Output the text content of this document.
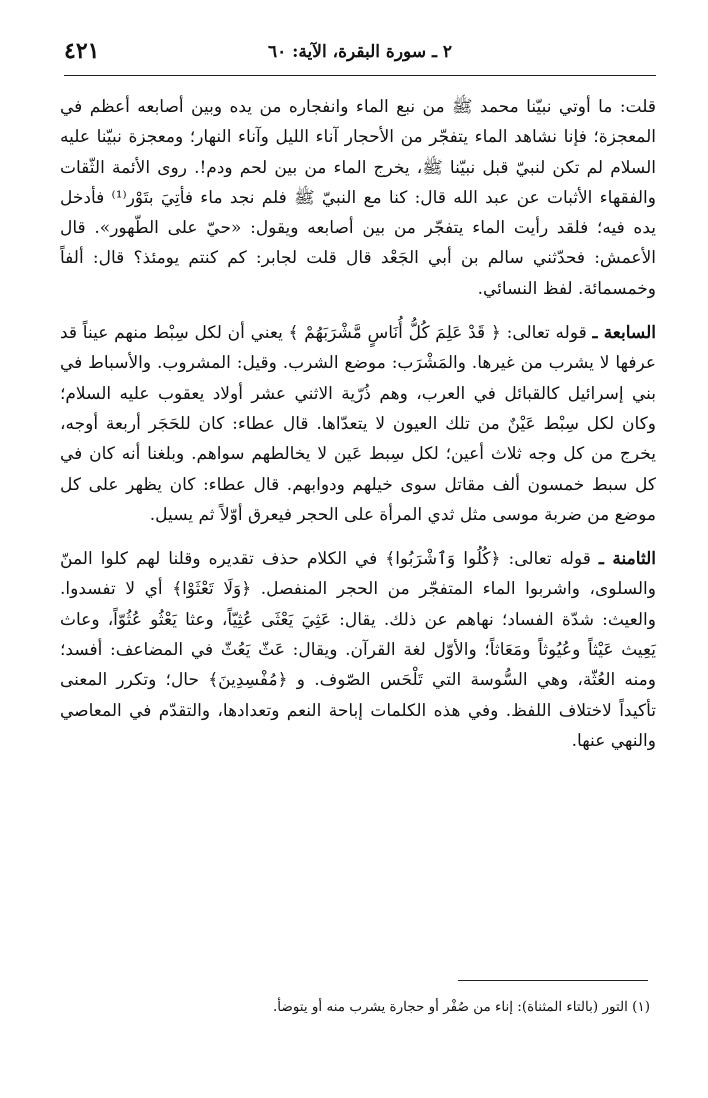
٢ ـ سورة البقرة، الآية: ٦٠
٤٢١

قلت: ما أوتي نبيّنا محمد ﷺ من نبع الماء وانفجاره من يده وبين أصابعه أعظم في المعجزة؛ فإنا نشاهد الماء يتفجّر من الأحجار آناء الليل وآناء النهار؛ ومعجزة نبيّنا عليه السلام لم تكن لنبيّ قبل نبيّنا ﷺ، يخرج الماء من بين لحم ودم!. روى الأئمة الثّقات والفقهاء الأثبات عن عبد الله قال: كنا مع النبيّ ﷺ فلم نجد ماء فأتِيَ بتَوْر⁽¹⁾ فأدخل يده فيه؛ فلقد رأيت الماء يتفجّر من بين أصابعه ويقول: «حيّ على الطّهور». قال الأعمش: فحدّثني سالم بن أبي الجَعْد قال قلت لجابر: كم كنتم يومئذ؟ قال: ألفاً وخمسمائة. لفظ النسائي.

السابعة ـ قوله تعالى: ﴿ قَدْ عَلِمَ كُلُّ أُنَاسٍ مَّشْرَبَهُمْ ﴾ يعني أن لكل سِبْط منهم عيناً قد عرفها لا يشرب من غيرها. والمَشْرَب: موضع الشرب. وقيل: المشروب. والأسباط في بني إسرائيل كالقبائل في العرب، وهم ذُرّية الاثني عشر أولاد يعقوب عليه السلام؛ وكان لكل سِبْط عَيْنٌ من تلك العيون لا يتعدّاها. قال عطاء: كان للحَجَر أربعة أوجه، يخرج من كل وجه ثلاث أعين؛ لكل سِبط عَين لا يخالطهم سواهم. وبلغنا أنه كان في كل سبط خمسون ألف مقاتل سوى خيلهم ودوابهم. قال عطاء: كان يظهر على كل موضع من ضربة موسى مثل ثدي المرأة على الحجر فيعرق أوّلاً ثم يسيل.

الثامنة ـ قوله تعالى: ﴿كُلُوا وَٱشْرَبُوا﴾ في الكلام حذف تقديره وقلنا لهم كلوا المنّ والسلوى، واشربوا الماء المتفجّر من الحجر المنفصل. ﴿وَلَا تَعْثَوْا﴾ أي لا تفسدوا. والعيث: شدّة الفساد؛ نهاهم عن ذلك. يقال: عَثِيَ يَعْثَى عُثِيّاً، وعثا يَعْثُو عُثُوّاً، وعاث يَعِيث عَيْثاً وعُيُوثاً ومَعَاثاً؛ والأوّل لغة القرآن. ويقال: عَثّ يَعُثّ في المضاعف: أفسد؛ ومنه العُثّة، وهي السُّوسة التي تَلْحَس الصّوف. و ﴿مُفْسِدِينَ﴾ حال؛ وتكرر المعنى تأكيداً لاختلاف اللفظ. وفي هذه الكلمات إباحة النعم وتعدادها، والتقدّم في المعاصي والنهي عنها.

(١) التور (بالتاء المثناة): إناء من صُفْر أو حجارة يشرب منه أو يتوضأ.
